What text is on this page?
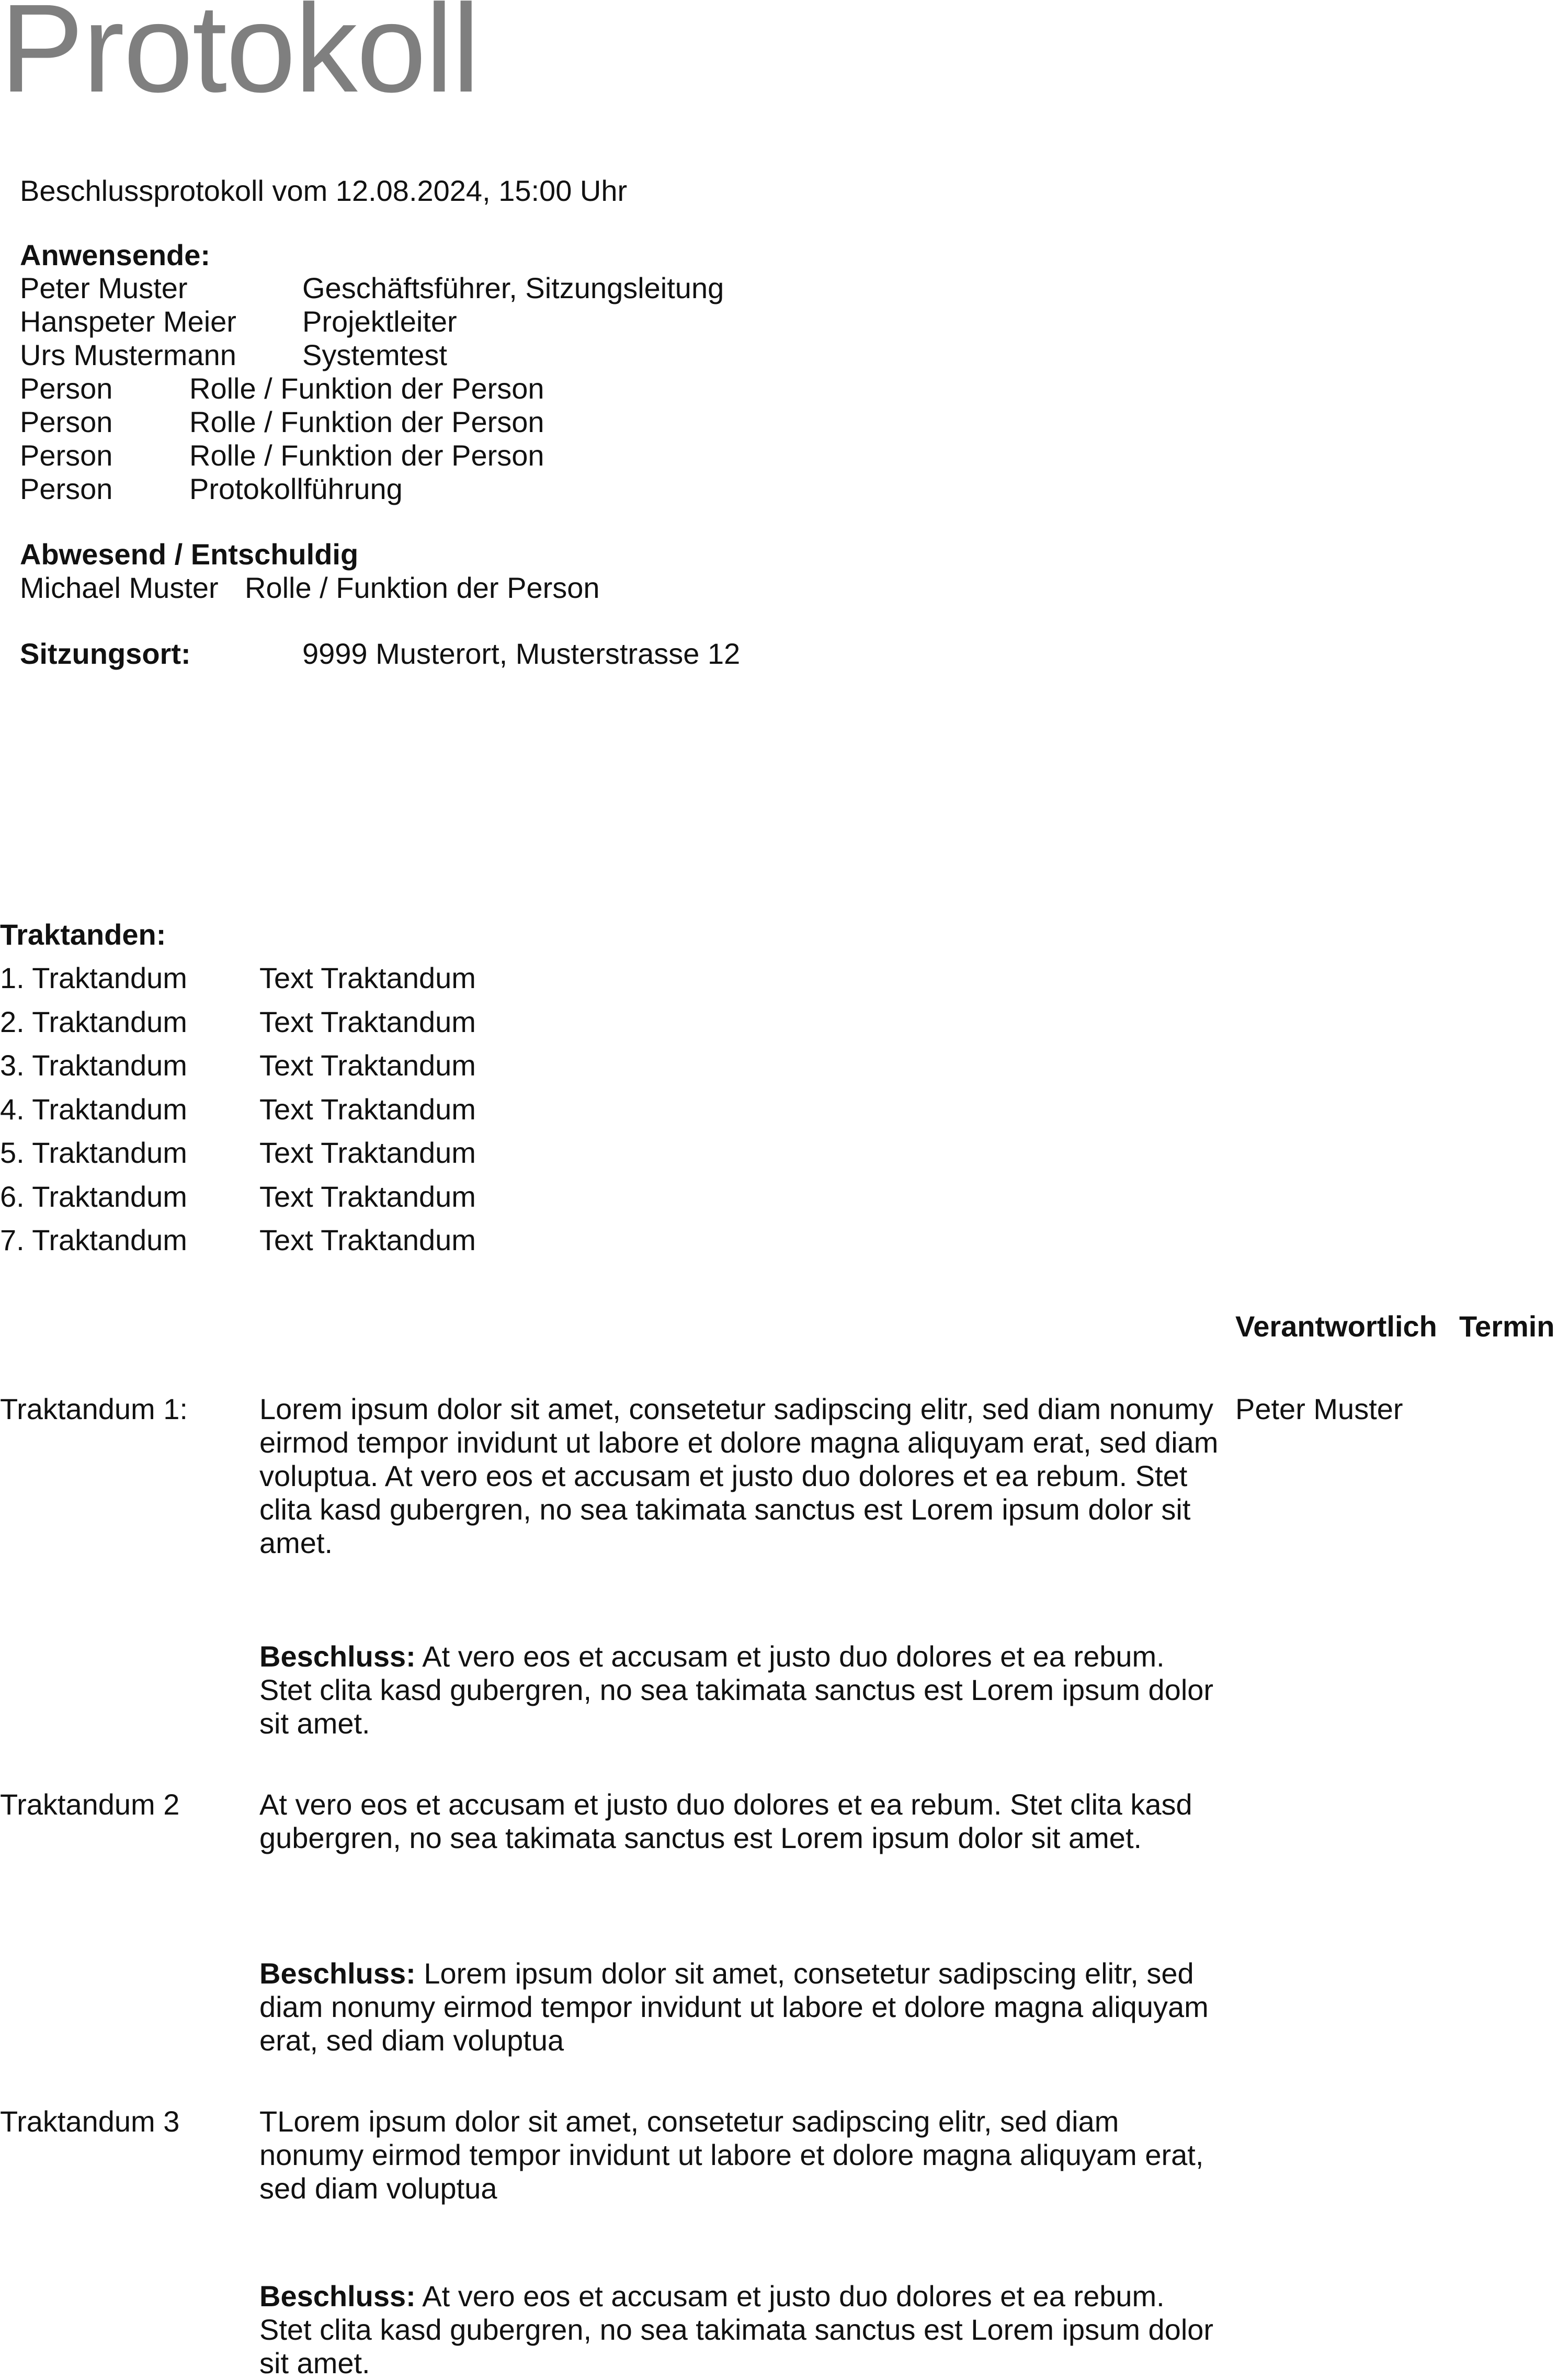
Protokoll
Beschlussprotokoll vom 12.08.2024, 15:00 Uhr
Anwensende:
Peter Muster	Geschäftsführer, Sitzungsleitung
Hanspeter Meier Projektleiter
Urs Mustermann Systemtest
Person	Rolle / Funktion der Person
Person	Rolle / Funktion der Person
Person	Rolle / Funktion der Person
Person	Protokollführung
Abwesend / Entschuldig
Michael Muster Rolle / Funktion der Person
Sitzungsort:	9999 Musterort, Musterstrasse 12
Traktanden:
1. Traktandum Text Traktandum
2. Traktandum Text Traktandum
3. Traktandum Text Traktandum
4. Traktandum Text Traktandum
5. Traktandum Text Traktandum
6. Traktandum Text Traktandum
7. Traktandum Text Traktandum
Verantwortlich Termin
Traktandum 1: Lorem ipsum dolor sit amet, consetetur sadipscing elitr, sed diam nonumy eirmod tempor invidunt ut labore et dolore magna aliquyam erat, sed diam voluptua. At vero eos et accusam et justo duo dolores et ea rebum. Stet clita kasd gubergren, no sea takimata sanctus est Lorem ipsum dolor sit amet.
Peter Muster
Beschluss: At vero eos et accusam et justo duo dolores et ea rebum. Stet clita kasd gubergren, no sea takimata sanctus est Lorem ipsum dolor sit amet.
Traktandum 2	At vero eos et accusam et justo duo dolores et ea rebum. Stet clita kasd gubergren, no sea takimata sanctus est Lorem ipsum dolor sit amet.
Beschluss: Lorem ipsum dolor sit amet, consetetur sadipscing elitr, sed diam nonumy eirmod tempor invidunt ut labore et dolore magna aliquyam erat, sed diam voluptua
Traktandum 3	TLorem ipsum dolor sit amet, consetetur sadipscing elitr, sed diam nonumy eirmod tempor invidunt ut labore et dolore magna aliquyam erat, sed diam voluptua
Beschluss: At vero eos et accusam et justo duo dolores et ea rebum. Stet clita kasd gubergren, no sea takimata sanctus est Lorem ipsum dolor sit amet.
